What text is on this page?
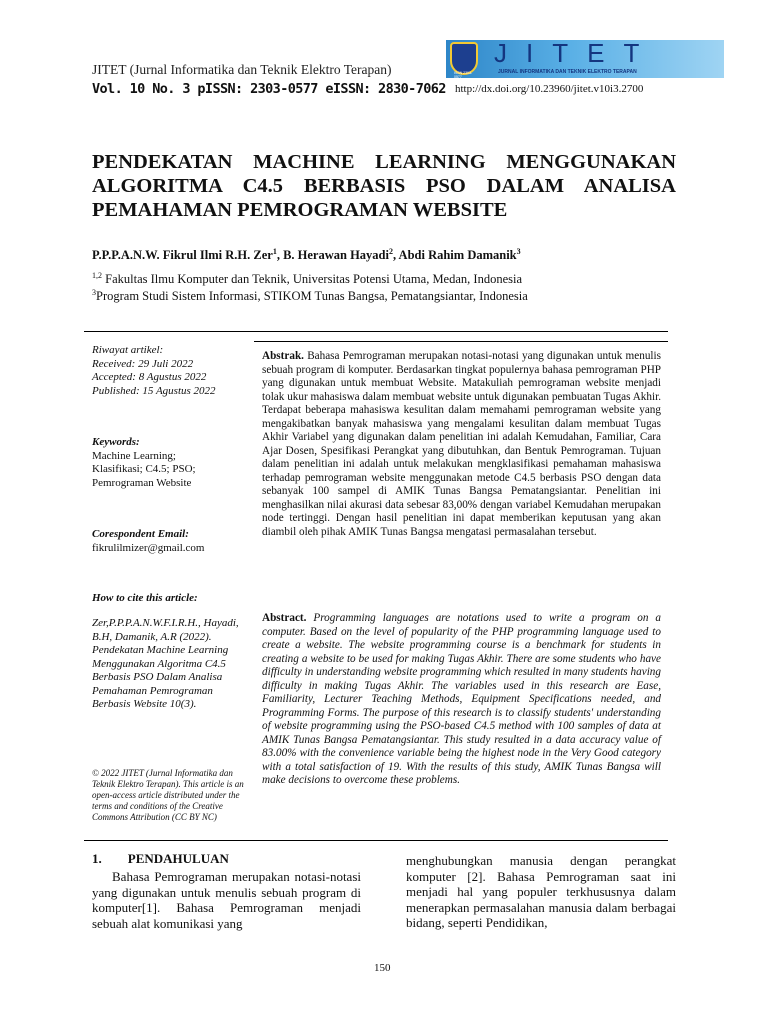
JITET (Jurnal Informatika dan Teknik Elektro Terapan)
Vol. 10 No. 3 pISSN: 2303-0577 eISSN: 2830-7062 http://dx.doi.org/10.23960/jitet.v10i3.2700
ISSN 2303-0577
JITET
JURNAL INFORMATIKA DAN TEKNIK ELEKTRO TERAPAN
PENDEKATAN MACHINE LEARNING MENGGUNAKAN ALGORITMA C4.5 BERBASIS PSO DALAM ANALISA PEMAHAMAN PEMROGRAMAN WEBSITE
P.P.P.A.N.W. Fikrul Ilmi R.H. Zer$^1$, B. Herawan Hayadi$^2$, Abdi Rahim Damanik$^3$
$^{1,2}$ Fakultas Ilmu Komputer dan Teknik, Universitas Potensi Utama, Medan, Indonesia
$^3$Program Studi Sistem Informasi, STIKOM Tunas Bangsa, Pematangsiantar, Indonesia
Riwayat artikel:
Received: 29 Juli 2022
Accepted: 8 Agustus 2022
Published: 15 Agustus 2022
Keywords:
Machine Learning;
Klasifikasi; C4.5; PSO;
Pemrograman Website
Corespondent Email:
fikrulilmizer@gmail.com
How to cite this article:
Zer,P.P.P.A.N.W.F.I.R.H., Hayadi, B.H, Damanik, A.R (2022). Pendekatan Machine Learning Menggunakan Algoritma C4.5 Berbasis PSO Dalam Analisa Pemahaman Pemrograman Berbasis Website 10(3).
© 2022 JITET (Jurnal Informatika dan Teknik Elektro Terapan). This article is an open-access article distributed under the terms and conditions of the Creative Commons Attribution (CC BY NC)

Abstrak. Bahasa Pemrograman merupakan notasi-notasi yang digunakan untuk menulis sebuah program di komputer. Berdasarkan tingkat populernya bahasa pemrograman PHP yang digunakan untuk membuat Website. Matakuliah pemrograman website menjadi tolak ukur mahasiswa dalam membuat website untuk digunakan pembuatan Tugas Akhir. Terdapat beberapa mahasiswa kesulitan dalam memahami pemrograman website yang mengakibatkan banyak mahasiswa yang mengalami kesulitan dalam membuat Tugas Akhir Variabel yang digunakan dalam penelitian ini adalah Kemudahan, Familiar, Cara Ajar Dosen, Spesifikasi Perangkat yang dibutuhkan, dan Bentuk Pemrograman. Tujuan dalam penelitian ini adalah untuk melakukan mengklasifikasi pemahaman mahasiswa terhadap pemrograman website menggunakan metode C4.5 berbasis PSO dengan data sebanyak 100 sampel di AMIK Tunas Bangsa Pematangsiantar. Penelitian ini menghasilkan nilai akurasi data sebesar 83,00% dengan variabel Kemudahan merupakan node tertinggi. Dengan hasil penelitian ini dapat memberikan keputusan yang akan diambil oleh pihak AMIK Tunas Bangsa mengatasi permasalahan tersebut.

Abstract. Programming languages are notations used to write a program on a computer. Based on the level of popularity of the PHP programming language used to create a website. The website programming course is a benchmark for students in creating a website to be used for making Tugas Akhir. There are some students who have difficulty in understanding website programming which resulted in many students having difficulty in making Tugas Akhir. The variables used in this research are Ease, Familiarity, Lecturer Teaching Methods, Equipment Specifications needed, and Programming Forms. The purpose of this research is to classify students' understanding of website programming using the PSO-based C4.5 method with 100 samples of data at AMIK Tunas Bangsa Pematangsiantar. This study resulted in a data accuracy value of 83.00% with the convenience variable being the highest node in the Very Good category with a total satisfaction of 19. With the results of this study, AMIK Tunas Bangsa will make decisions to overcome these problems.

1. PENDAHULUAN

Bahasa Pemrograman merupakan notasi-notasi yang digunakan untuk menulis sebuah program di komputer[1]. Bahasa Pemrograman menjadi sebuah alat komunikasi yang

menghubungkan manusia dengan perangkat komputer [2]. Bahasa Pemrograman saat ini menjadi hal yang populer terkhususnya dalam menerapkan permasalahan manusia dalam berbagai bidang, seperti Pendidikan,

150
